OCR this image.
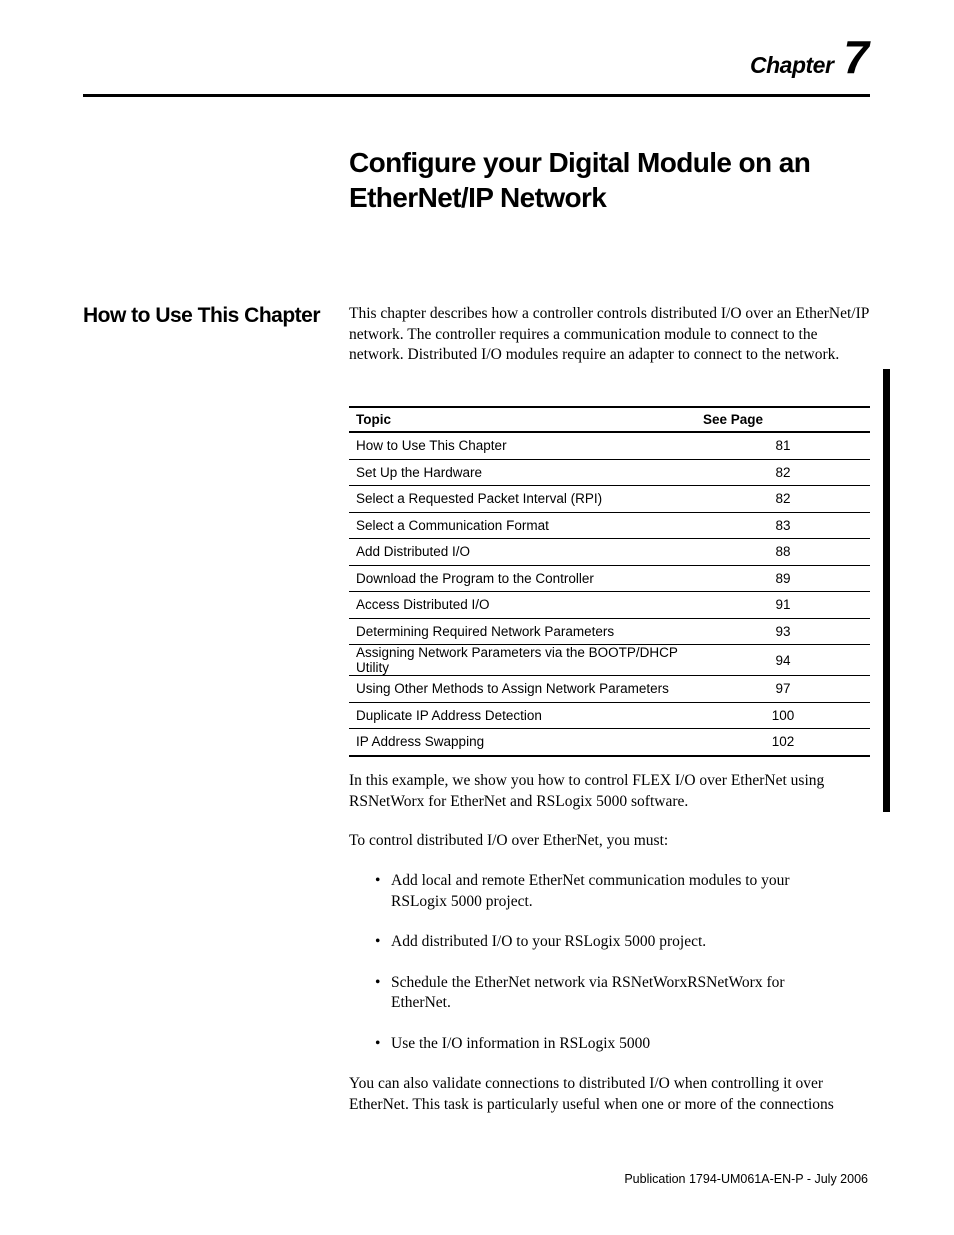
Chapter 7
Configure your Digital Module on an EtherNet/IP Network
How to Use This Chapter	This chapter describes how a controller controls distributed I/O over an EtherNet/IP network. The controller requires a communication module to connect to the network. Distributed I/O modules require an adapter to connect to the network.

Topic	See Page
How to Use This Chapter	81
Set Up the Hardware	82
Select a Requested Packet Interval (RPI)	82
Select a Communication Format	83
Add Distributed I/O	88
Download the Program to the Controller	89
Access Distributed I/O	91
Determining Required Network Parameters	93
Assigning Network Parameters via the BOOTP/DHCP Utility	94
Using Other Methods to Assign Network Parameters	97
Duplicate IP Address Detection	100
IP Address Swapping	102

In this example, we show you how to control FLEX I/O over EtherNet using RSNetWorx for EtherNet and RSLogix 5000 software.

To control distributed I/O over EtherNet, you must:

• Add local and remote EtherNet communication modules to your RSLogix 5000 project.
• Add distributed I/O to your RSLogix 5000 project.
• Schedule the EtherNet network via RSNetWorxRSNetWorx for EtherNet.
• Use the I/O information in RSLogix 5000

You can also validate connections to distributed I/O when controlling it over EtherNet. This task is particularly useful when one or more of the connections

Publication 1794-UM061A-EN-P - July 2006
